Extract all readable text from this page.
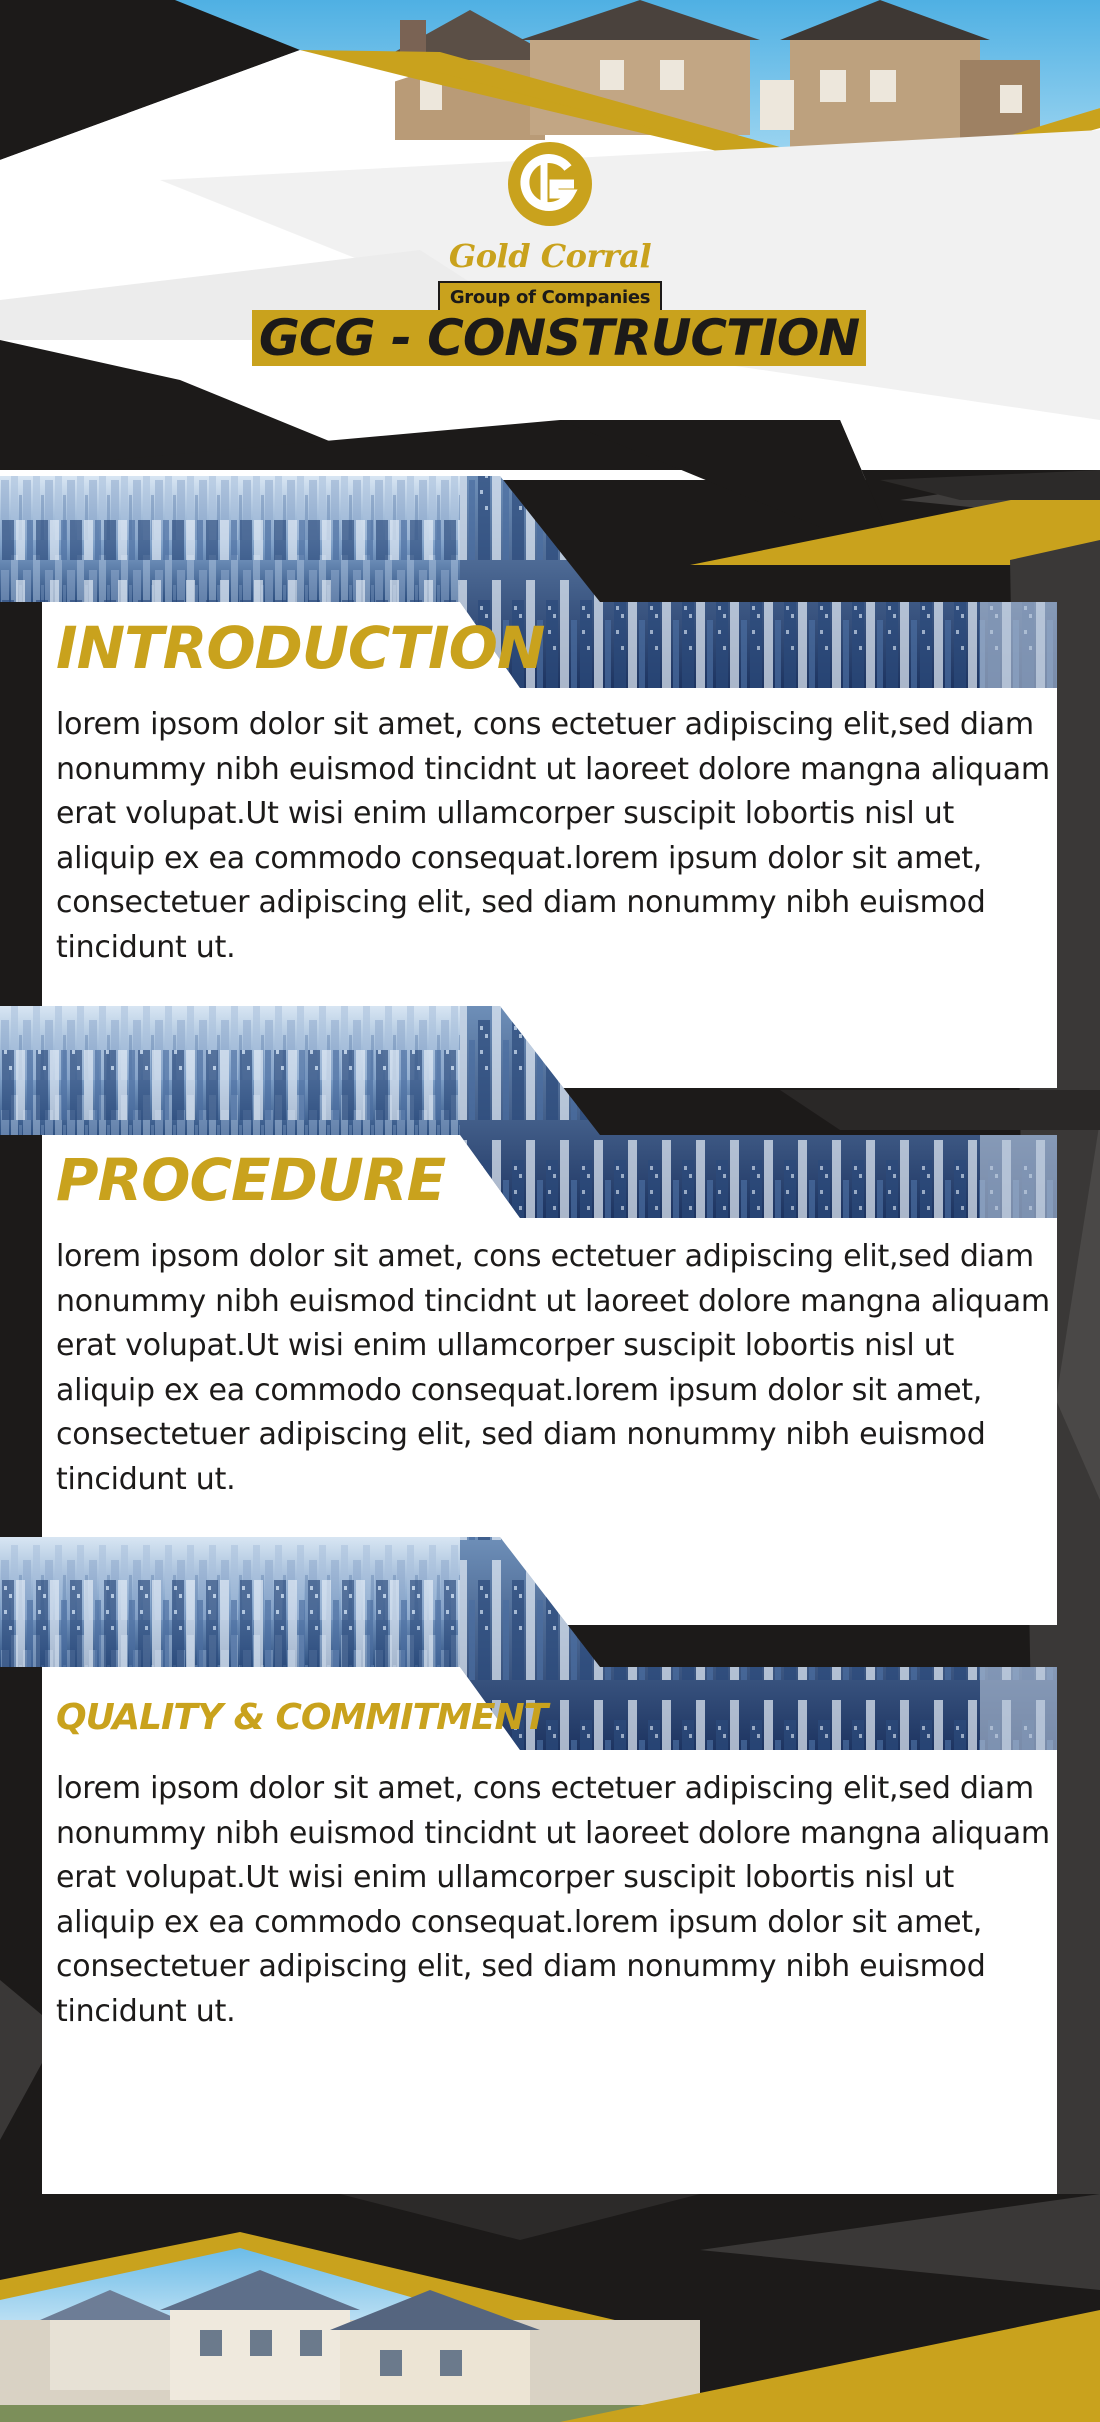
Gold Corral
Group of Companies
GCG - CONSTRUCTION
INTRODUCTION
lorem ipsom dolor sit amet, cons ectetuer adipiscing elit,sed diam nonummy nibh euismod tincidnt ut laoreet dolore mangna aliquam erat volupat.Ut wisi enim ullamcorper suscipit lobortis nisl ut aliquip ex ea commodo consequat.lorem ipsum dolor sit amet, consectetuer adipiscing elit, sed diam nonummy nibh euismod tincidunt ut.
PROCEDURE
lorem ipsom dolor sit amet, cons ectetuer adipiscing elit,sed diam nonummy nibh euismod tincidnt ut laoreet dolore mangna aliquam erat volupat.Ut wisi enim ullamcorper suscipit lobortis nisl ut aliquip ex ea commodo consequat.lorem ipsum dolor sit amet, consectetuer adipiscing elit, sed diam nonummy nibh euismod tincidunt ut.
QUALITY & COMMITMENT
lorem ipsom dolor sit amet, cons ectetuer adipiscing elit,sed diam nonummy nibh euismod tincidnt ut laoreet dolore mangna aliquam erat volupat.Ut wisi enim ullamcorper suscipit lobortis nisl ut aliquip ex ea commodo consequat.lorem ipsum dolor sit amet, consectetuer adipiscing elit, sed diam nonummy nibh euismod tincidunt ut.
